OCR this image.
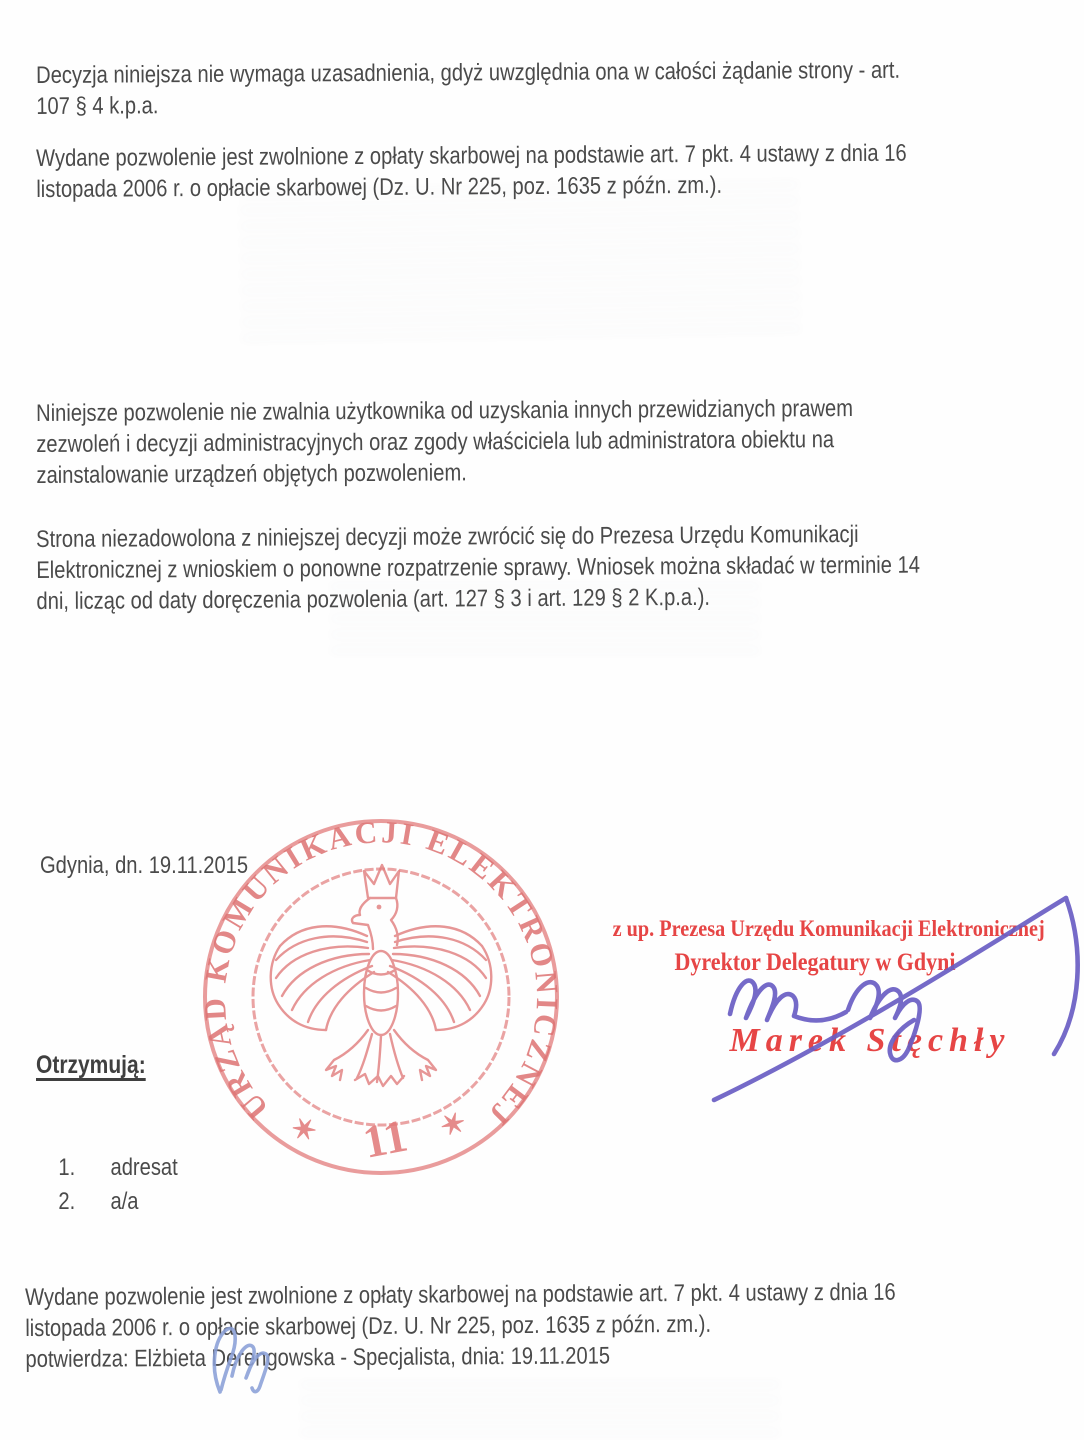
Decyzja niniejsza nie wymaga uzasadnienia, gdyż uwzględnia ona w całości żądanie strony - art.
107 § 4 k.p.a.

Wydane pozwolenie jest zwolnione z opłaty skarbowej na podstawie art. 7 pkt. 4 ustawy z dnia 16
listopada 2006 r. o opłacie skarbowej (Dz. U. Nr 225, poz. 1635 z późn. zm.).

Niniejsze pozwolenie nie zwalnia użytkownika od uzyskania innych przewidzianych prawem
zezwoleń i decyzji administracyjnych oraz zgody właściciela lub administratora obiektu na
zainstalowanie urządzeń objętych pozwoleniem.

Strona niezadowolona z niniejszej decyzji może zwrócić się do Prezesa Urzędu Komunikacji
Elektronicznej z wnioskiem o ponowne rozpatrzenie sprawy. Wniosek można składać w terminie 14
dni, licząc od daty doręczenia pozwolenia (art. 127 § 3 i art. 129 § 2 K.p.a.).

Gdynia, dn. 19.11.2015
URZĄD KOMUNIKACJI ELEKTRONICZNEJ
11
✶	✶
z up. Prezesa Urzędu Komunikacji Elektronicznej
Dyrektor Delegatury w Gdyni
Marek Stęchły
Otrzymują:

1. adresat

2. a/a

Wydane pozwolenie jest zwolnione z opłaty skarbowej na podstawie art. 7 pkt. 4 ustawy z dnia 16
listopada 2006 r. o opłacie skarbowej (Dz. U. Nr 225, poz. 1635 z późn. zm.).
potwierdza: Elżbieta Derengowska - Specjalista, dnia: 19.11.2015
